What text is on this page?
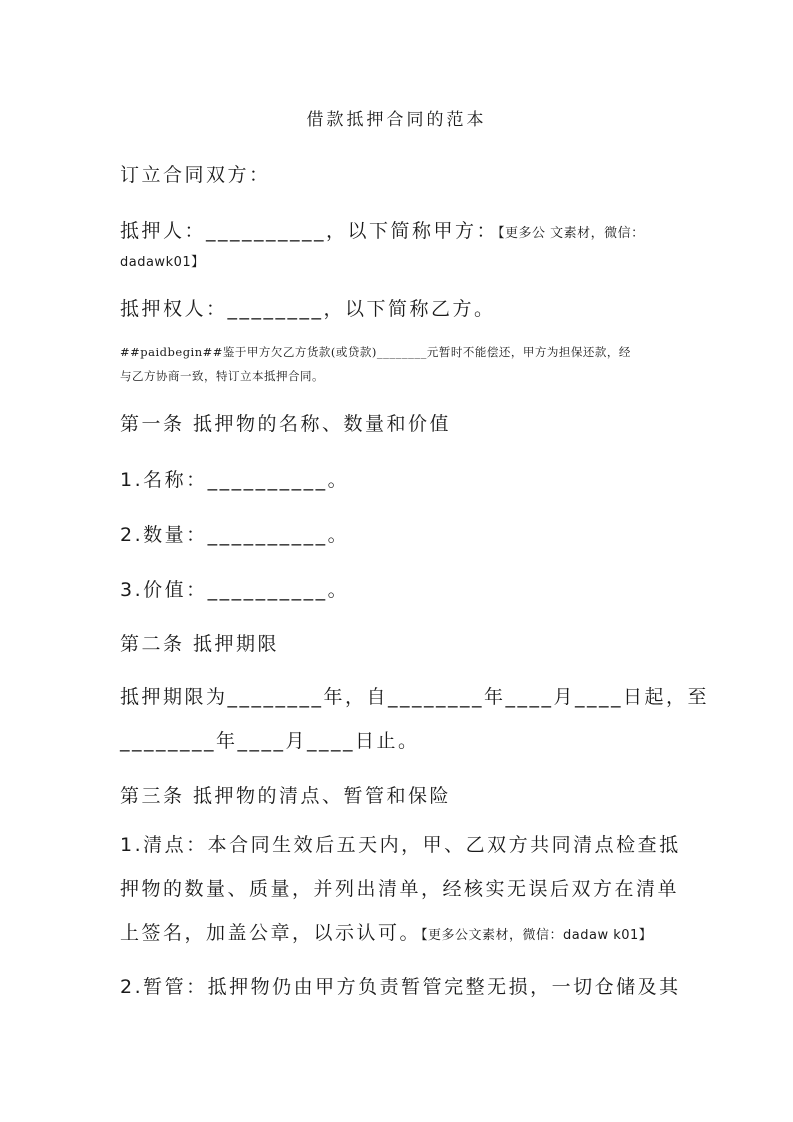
借款抵押合同的范本
订立合同双方：
抵押人：__________，以下简称甲方：【更多公 文素材，微信：
dadawk01】
抵押权人：________，以下简称乙方。
##paidbegin##鉴于甲方欠乙方货款(或贷款)________元暂时不能偿还，甲方为担保还款，经
与乙方协商一致，特订立本抵押合同。
第一条 抵押物的名称、数量和价值
1.名称：__________。
2.数量：__________。
3.价值：__________。
第二条 抵押期限
抵押期限为________年，自________年____月____日起，至
________年____月____日止。
第三条 抵押物的清点、暂管和保险
1.清点：本合同生效后五天内，甲、乙双方共同清点检查抵
押物的数量、质量，并列出清单，经核实无误后双方在清单
上签名，加盖公章，以示认可。【更多公文素材，微信：dadaw k01】
2.暂管：抵押物仍由甲方负责暂管完整无损，一切仓储及其
